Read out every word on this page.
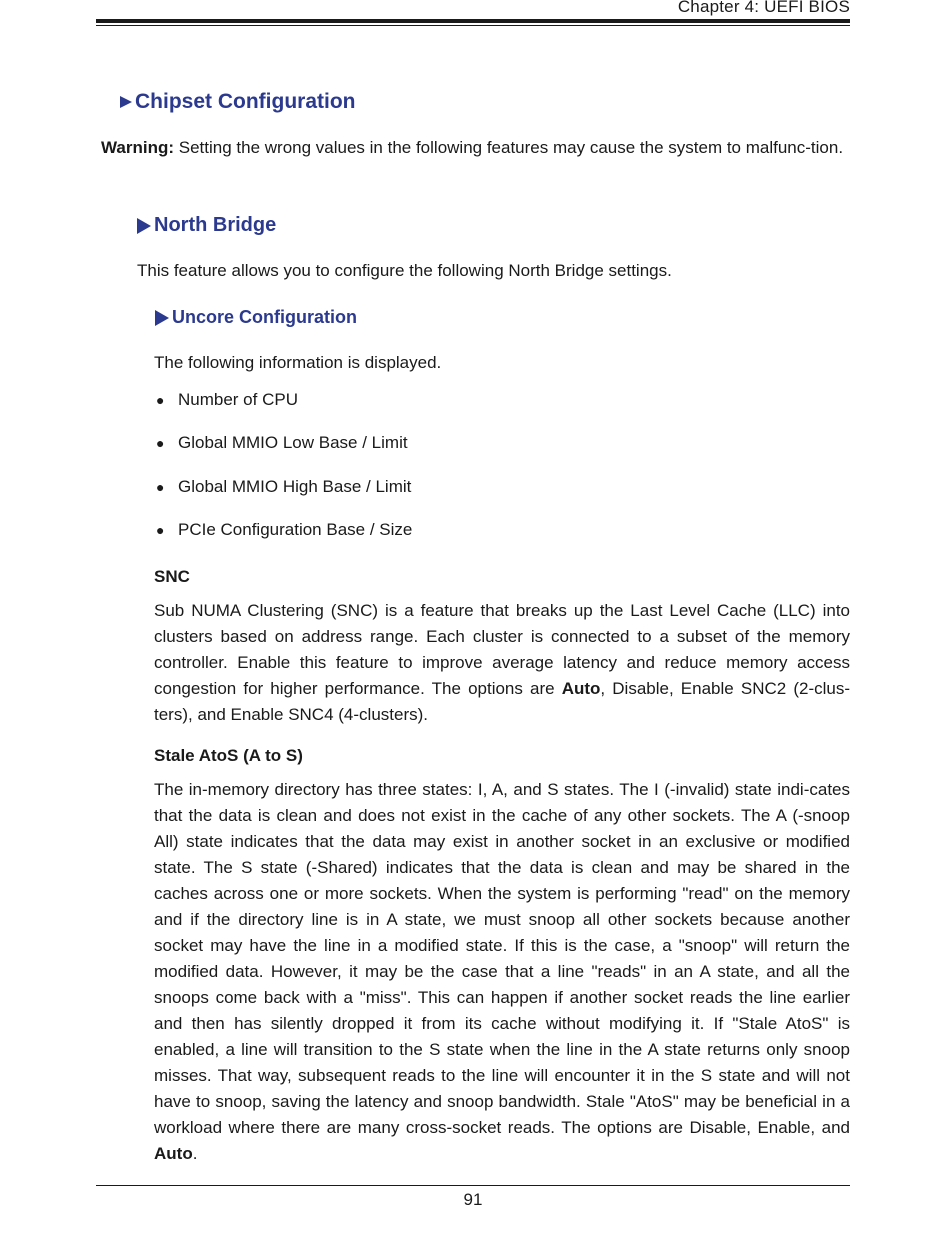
Chapter 4: UEFI BIOS
Chipset Configuration

Warning: Setting the wrong values in the following features may cause the system to malfunc-tion.

North Bridge

This feature allows you to configure the following North Bridge settings.

Uncore Configuration

The following information is displayed.

● Number of CPU
● Global MMIO Low Base / Limit
● Global MMIO High Base / Limit
● PCIe Configuration Base / Size
SNC

Sub NUMA Clustering (SNC) is a feature that breaks up the Last Level Cache (LLC) into clusters based on address range. Each cluster is connected to a subset of the memory controller. Enable this feature to improve average latency and reduce memory access congestion for higher performance. The options are Auto, Disable, Enable SNC2 (2-clus-ters), and Enable SNC4 (4-clusters).

Stale AtoS (A to S)

The in-memory directory has three states: I, A, and S states. The I (-invalid) state indi-cates that the data is clean and does not exist in the cache of any other sockets. The A (-snoop All) state indicates that the data may exist in another socket in an exclusive or modified state. The S state (-Shared) indicates that the data is clean and may be shared in the caches across one or more sockets. When the system is performing "read" on the memory and if the directory line is in A state, we must snoop all other sockets because another socket may have the line in a modified state. If this is the case, a "snoop" will return the modified data. However, it may be the case that a line "reads" in an A state, and all the snoops come back with a "miss". This can happen if another socket reads the line earlier and then has silently dropped it from its cache without modifying it. If "Stale AtoS" is enabled, a line will transition to the S state when the line in the A state returns only snoop misses. That way, subsequent reads to the line will encounter it in the S state and will not have to snoop, saving the latency and snoop bandwidth. Stale "AtoS" may be beneficial in a workload where there are many cross-socket reads. The options are Disable, Enable, and Auto.

91
